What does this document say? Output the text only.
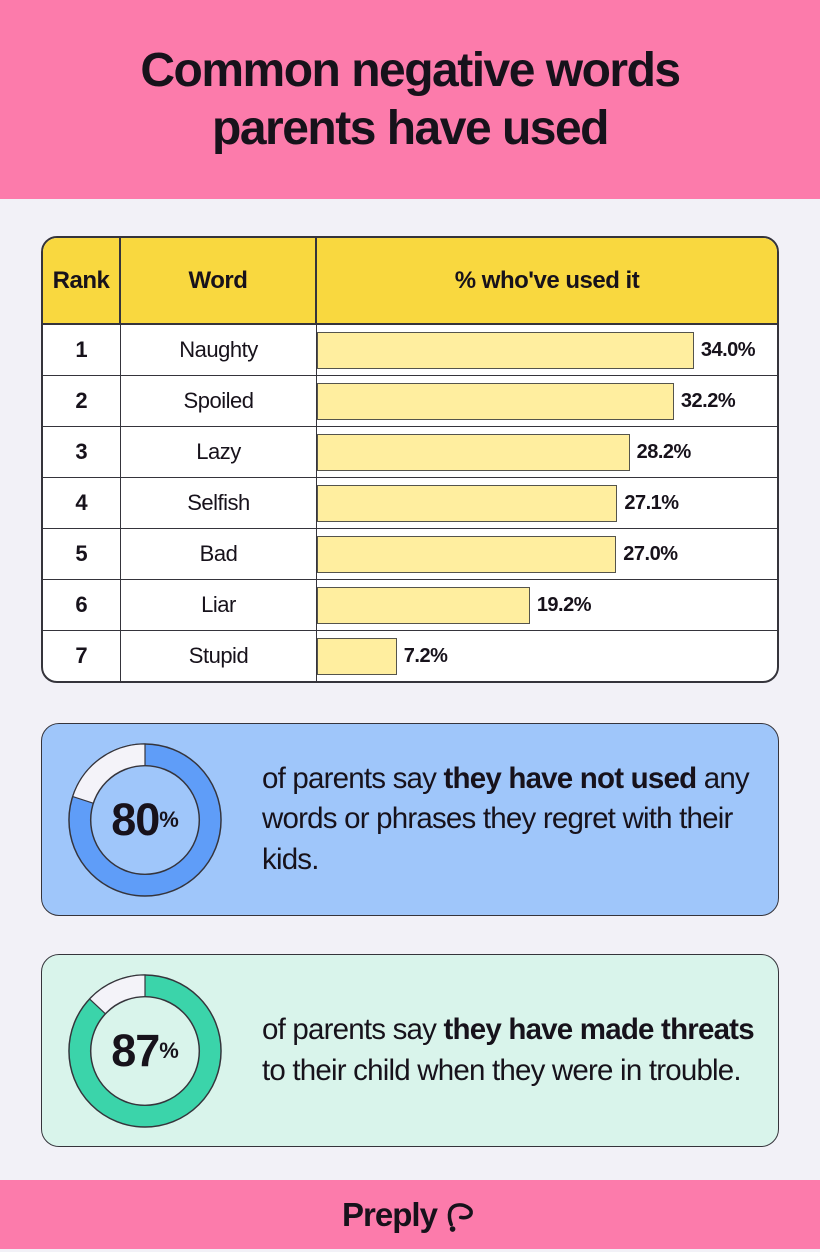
Common negative words parents have used
Rank	Word	% who've used it
1	Naughty	34.0%
2	Spoiled	32.2%
3	Lazy	28.2%
4	Selfish	27.1%
5	Bad	27.0%
6	Liar	19.2%
7	Stupid	7.2%
80 %

of parents say they have not used any words or phrases they regret with their kids.

87 %

of parents say they have made threats to their child when they were in trouble.

Preply
